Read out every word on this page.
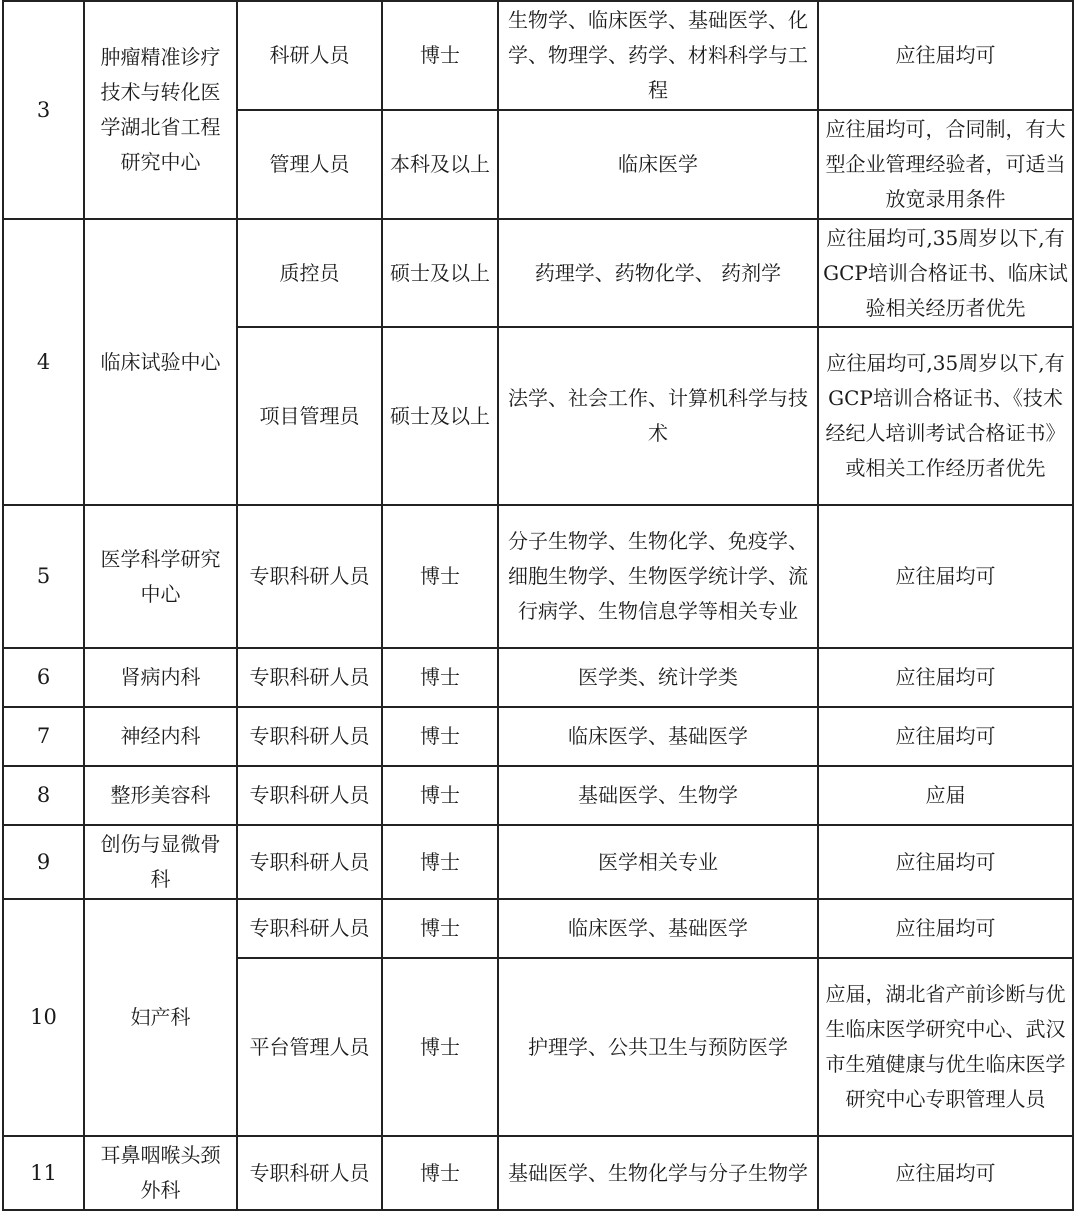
3	肿瘤精准诊疗技术与转化医学湖北省工程研究中心	科研人员	博士	生物学、临床医学、基础医学、化学、物理学、药学、材料科学与工程	应往届均可
		管理人员	本科及以上	临床医学	应往届均可，合同制，有大型企业管理经验者，可适当放宽录用条件
4	临床试验中心	质控员	硕士及以上	药理学、药物化学、 药剂学	应往届均可,35周岁以下,有GCP培训合格证书、临床试验相关经历者优先
		项目管理员	硕士及以上	法学、社会工作、计算机科学与技术	应往届均可,35周岁以下,有GCP培训合格证书、《技术经纪人培训考试合格证书》或相关工作经历者优先
5	医学科学研究中心	专职科研人员	博士	分子生物学、生物化学、免疫学、细胞生物学、生物医学统计学、流行病学、生物信息学等相关专业	应往届均可
6	肾病内科	专职科研人员	博士	医学类、统计学类	应往届均可
7	神经内科	专职科研人员	博士	临床医学、基础医学	应往届均可
8	整形美容科	专职科研人员	博士	基础医学、生物学	应届
9	创伤与显微骨科	专职科研人员	博士	医学相关专业	应往届均可
10	妇产科	专职科研人员	博士	临床医学、基础医学	应往届均可
		平台管理人员	博士	护理学、公共卫生与预防医学	应届，湖北省产前诊断与优生临床医学研究中心、武汉市生殖健康与优生临床医学研究中心专职管理人员
11	耳鼻咽喉头颈外科	专职科研人员	博士	基础医学、生物化学与分子生物学	应往届均可
